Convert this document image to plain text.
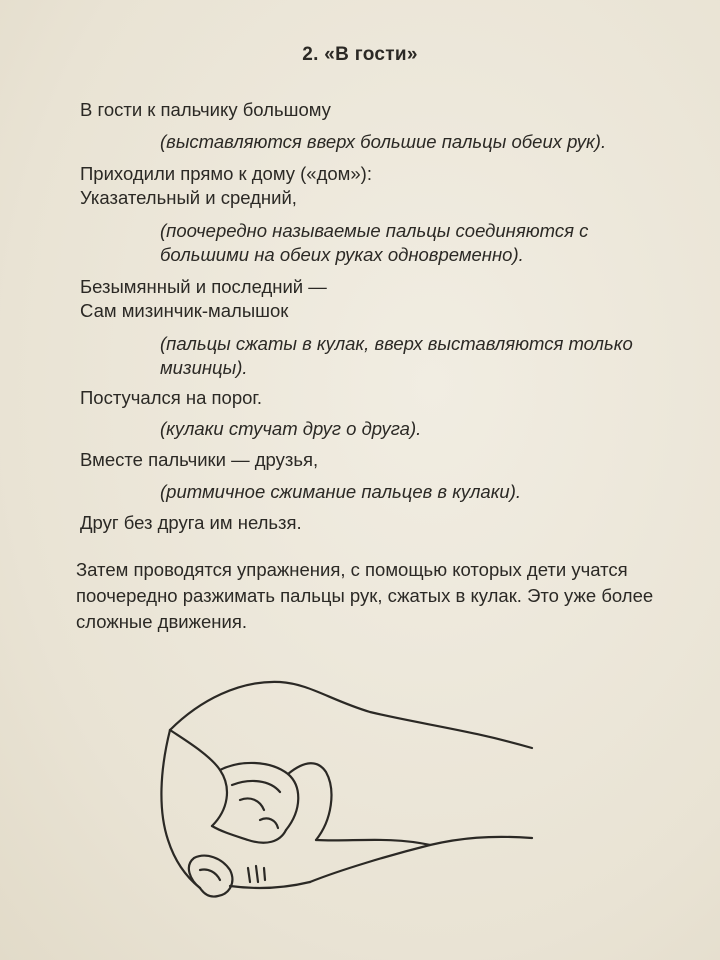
2. «В гости»
В гости к пальчику большому
(выставляются вверх большие пальцы обеих рук).
Приходили прямо к дому («дом»):
Указательный и средний,
(поочередно называемые пальцы соединяются с
большими на обеих руках одновременно).
Безымянный и последний —
Сам мизинчик-малышок
(пальцы сжаты в кулак, вверх выставляются только
мизинцы).
Постучался на порог.
(кулаки стучат друг о друга).
Вместе пальчики — друзья,
(ритмичное сжимание пальцев в кулаки).
Друг без друга им нельзя.
Затем проводятся упражнения, с помощью которых дети учатся поочередно разжимать пальцы рук, сжатых в кулак. Это уже более сложные движения.
